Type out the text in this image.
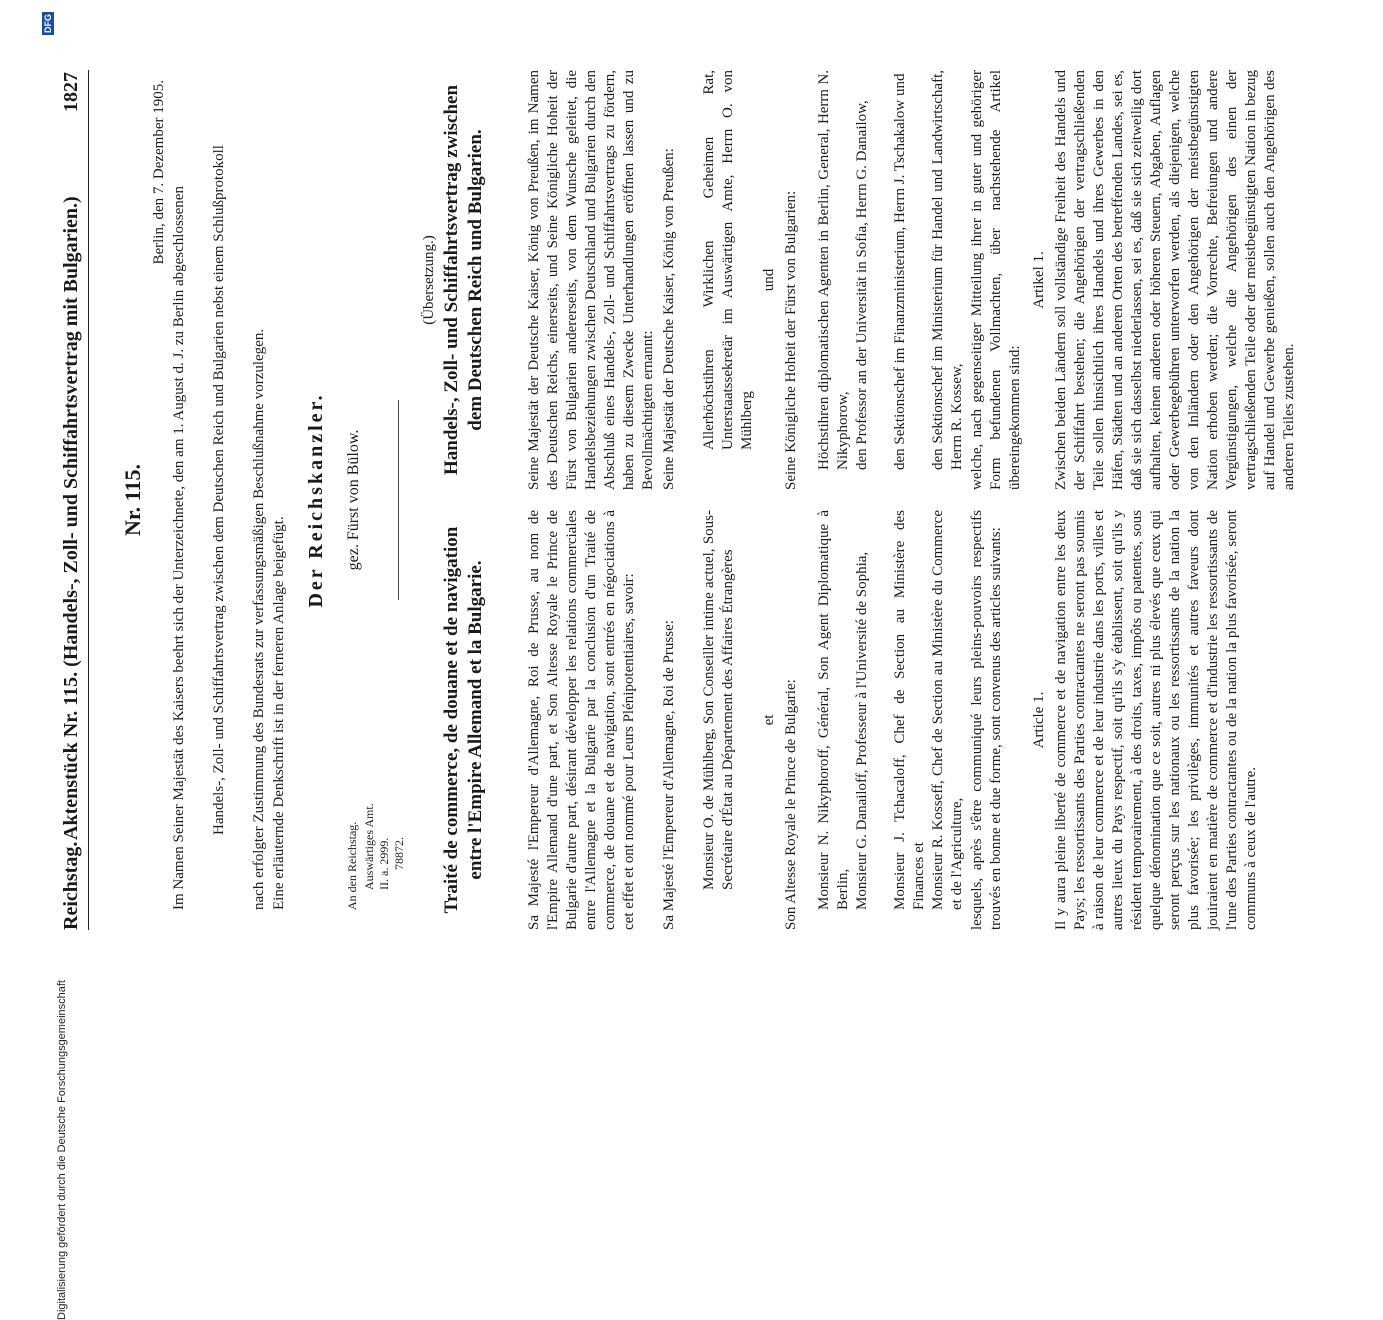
Reichstag.
Aktenstück Nr. 115. (Handels-, Zoll- und Schiffahrtsvertrag mit Bulgarien.)
1827
Nr. 115. Im Namen Seiner Majestät des Kaisers beehrt sich der Unterzeichnete, den am 1. August d. J. zu Berlin abgeschlossenen Handels-, Zoll- und Schiffahrtsvertrag zwischen dem Deutschen Reich und Bulgarien nebst einem Schlußprotokoll nach erfolgter Zustimmung des Bundesrats zur verfassungsmäßigen Beschlußnahme vorzulegen. Eine erläuternde Denkschrift ist in der ferneren Anlage beigefügt.
Berlin, den 7. Dezember 1905.
Der Reichskanzler. gez. Fürst von Bülow.
An den Reichstag. Auswärtiges Amt. II. a. 2999. 78872. Traité de commerce, de douane et de navigation entre l'Empire Allemand et la Bulgarie.	Sa Majesté l'Empereur d'Allemagne, Roi de Prusse, au nom de l'Empire Allemand d'une part, et Son Altesse Royale le Prince de Bulgarie d'autre part, désirant développer les relations commerciales entre l'Allemagne et la Bulgarie par la conclusion d'un Traité de commerce, de douane et de navigation, sont entrés en négociations à cet effet et ont nommé pour Leurs Plénipotentiaires, savoir: Sa Majesté l'Empereur d'Allemagne, Roi de Prusse: Monsieur O. de Mühlberg, Son Conseiller intime actuel, Sous-Secrétaire d'État au Département des Affaires Étrangères et Son Altesse Royale le Prince de Bulgarie: Monsieur N. Nikyphoroff, Général, Son Agent Diplomatique à Berlin, Monsieur G. Danailoff, Professeur à l'Université de Sophia, Monsieur J. Tchacaloff, Chef de Section au Ministère des Finances et Monsieur R. Kosseff, Chef de Section au Ministère du Commerce et de l'Agriculture, lesquels, après s'être communiqué leurs pleins-pouvoirs respectifs trouvés en bonne et due forme, sont convenus des articles suivants: Article 1. Il y aura pleine liberté de commerce et de navigation entre les deux Pays; les ressortissants des Parties contractantes ne seront pas soumis à raison de leur commerce et de leur industrie dans les ports, villes et autres lieux du Pays respectif, soit qu'ils s'y établissent, soit qu'ils y résident temporairement, à des droits, taxes, impôts ou patentes, sous quelque dénomination que ce soit, autres ni plus élevés que ceux qui seront perçus sur les nationaux ou les ressortissants de la nation la plus favorisée; les privilèges, immunités et autres faveurs dont jouiraient en matière de commerce et d'industrie les ressortissants de l'une des Parties contractantes ou de la nation la plus favorisée, seront communs à ceux de l'autre.
(Übersetzung.) Handels-, Zoll- und Schiffahrtsvertrag zwischen dem Deutschen Reich und Bulgarien.	Seine Majestät der Deutsche Kaiser, König von Preußen, im Namen des Deutschen Reichs, einerseits, und Seine Königliche Hoheit der Fürst von Bulgarien andererseits, von dem Wunsche geleitet, die Handelsbeziehungen zwischen Deutschland und Bulgarien durch den Abschluß eines Handels-, Zoll- und Schiffahrtsvertrags zu fördern, haben zu diesem Zwecke Unterhandlungen eröffnen lassen und zu Bevollmächtigten ernannt: Seine Majestät der Deutsche Kaiser, König von Preußen: Allerhöchstihren Wirklichen Geheimen Rat, Unterstaatssekretär im Auswärtigen Amte, Herrn O. von Mühlberg
und Seine Königliche Hoheit der Fürst von Bulgarien: Höchstihren diplomatischen Agenten in Berlin, General, Herrn N. Nikyphorow, den Professor an der Universität in Sofia, Herrn G. Danailow, den Sektionschef im Finanzministerium, Herrn J. Tschakalow und den Sektionschef im Ministerium für Handel und Landwirtschaft, Herrn R. Kossew, welche, nach gegenseitiger Mitteilung ihrer in guter und gehöriger Form befundenen Vollmachten, über nachstehende Artikel übereingekommen sind:
Artikel 1. Zwischen beiden Ländern soll vollständige Freiheit des Handels und der Schiffahrt bestehen; die Angehörigen der vertragschließenden Teile sollen hinsichtlich ihres Handels und ihres Gewerbes in den Häfen, Städten und an anderen Orten des betreffenden Landes, sei es, daß sie sich dasselbst niederlassen, sei es, daß sie sich zeitweilig dort aufhalten, keinen anderen oder höheren Steuern, Abgaben, Auflagen oder Gewerbegebühren unterworfen werden, als diejenigen, welche von den Inländern oder den Angehörigen der meistbegünstigten Nation erhoben werden; die Vorrechte, Befreiungen und andere Vergünstigungen, welche die Angehörigen des einen der vertragschließenden Teile oder der meistbegünstigten Nation in bezug auf Handel und Gewerbe genießen, sollen auch den Angehörigen des anderen Teiles zustehen.
DFG
Digitalisierung gefördert durch die Deutsche Forschungsgemeinschaft
